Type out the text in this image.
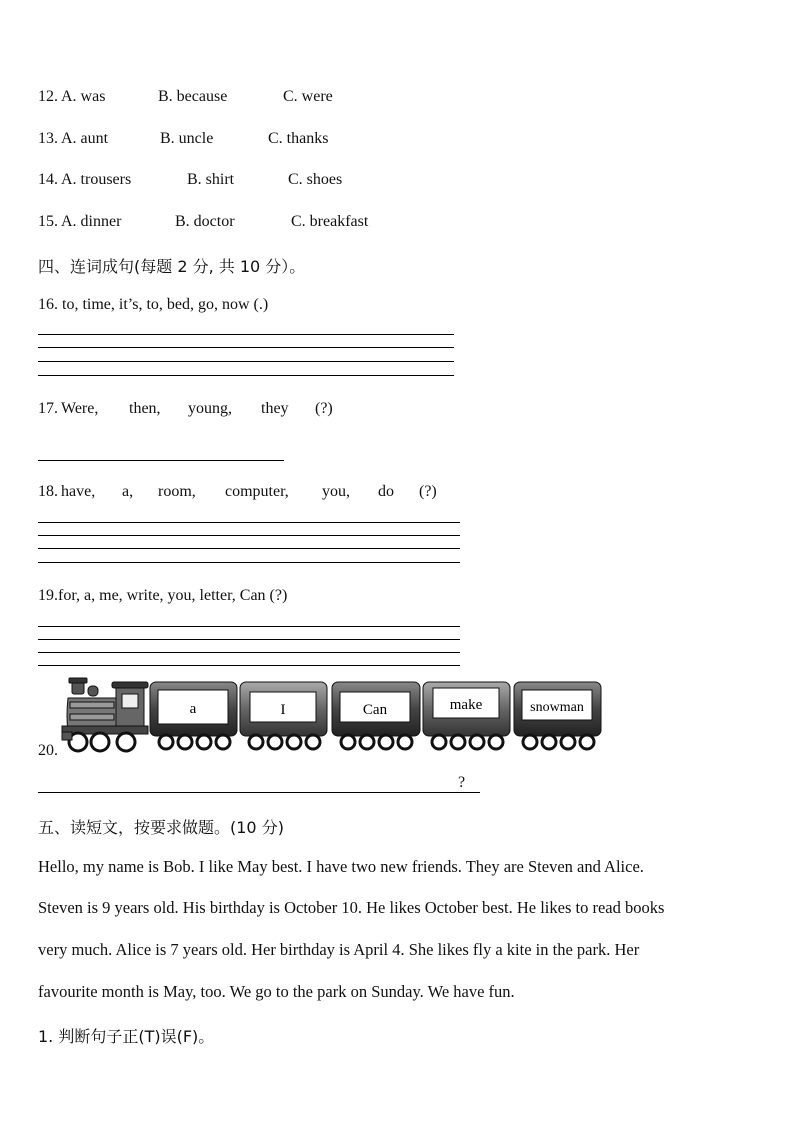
12. A. was	B. because	C. were
13. A. aunt	B. uncle	C. thanks
14. A. trousers	B. shirt	C. shoes
15. A. dinner	B. doctor	C. breakfast
四、连词成句(每题 2 分, 共 10 分）。
16. to, time, it’s, to, bed, go, now (.)
17. Were, then, young, they (?)
18. have, a, room, computer, you, do (?)
19.for, a, me, write, you, letter, Can (?)
20.
a	I	Can	make	snowman
?
五、读短文，按要求做题。(10 分)
Hello, my name is Bob. I like May best. I have two new friends. They are Steven and Alice.
Steven is 9 years old. His birthday is October 10. He likes October best. He likes to read books
very much. Alice is 7 years old. Her birthday is April 4. She likes fly a kite in the park. Her
favourite month is May, too. We go to the park on Sunday. We have fun.
1. 判断句子正(T)误(F)。
